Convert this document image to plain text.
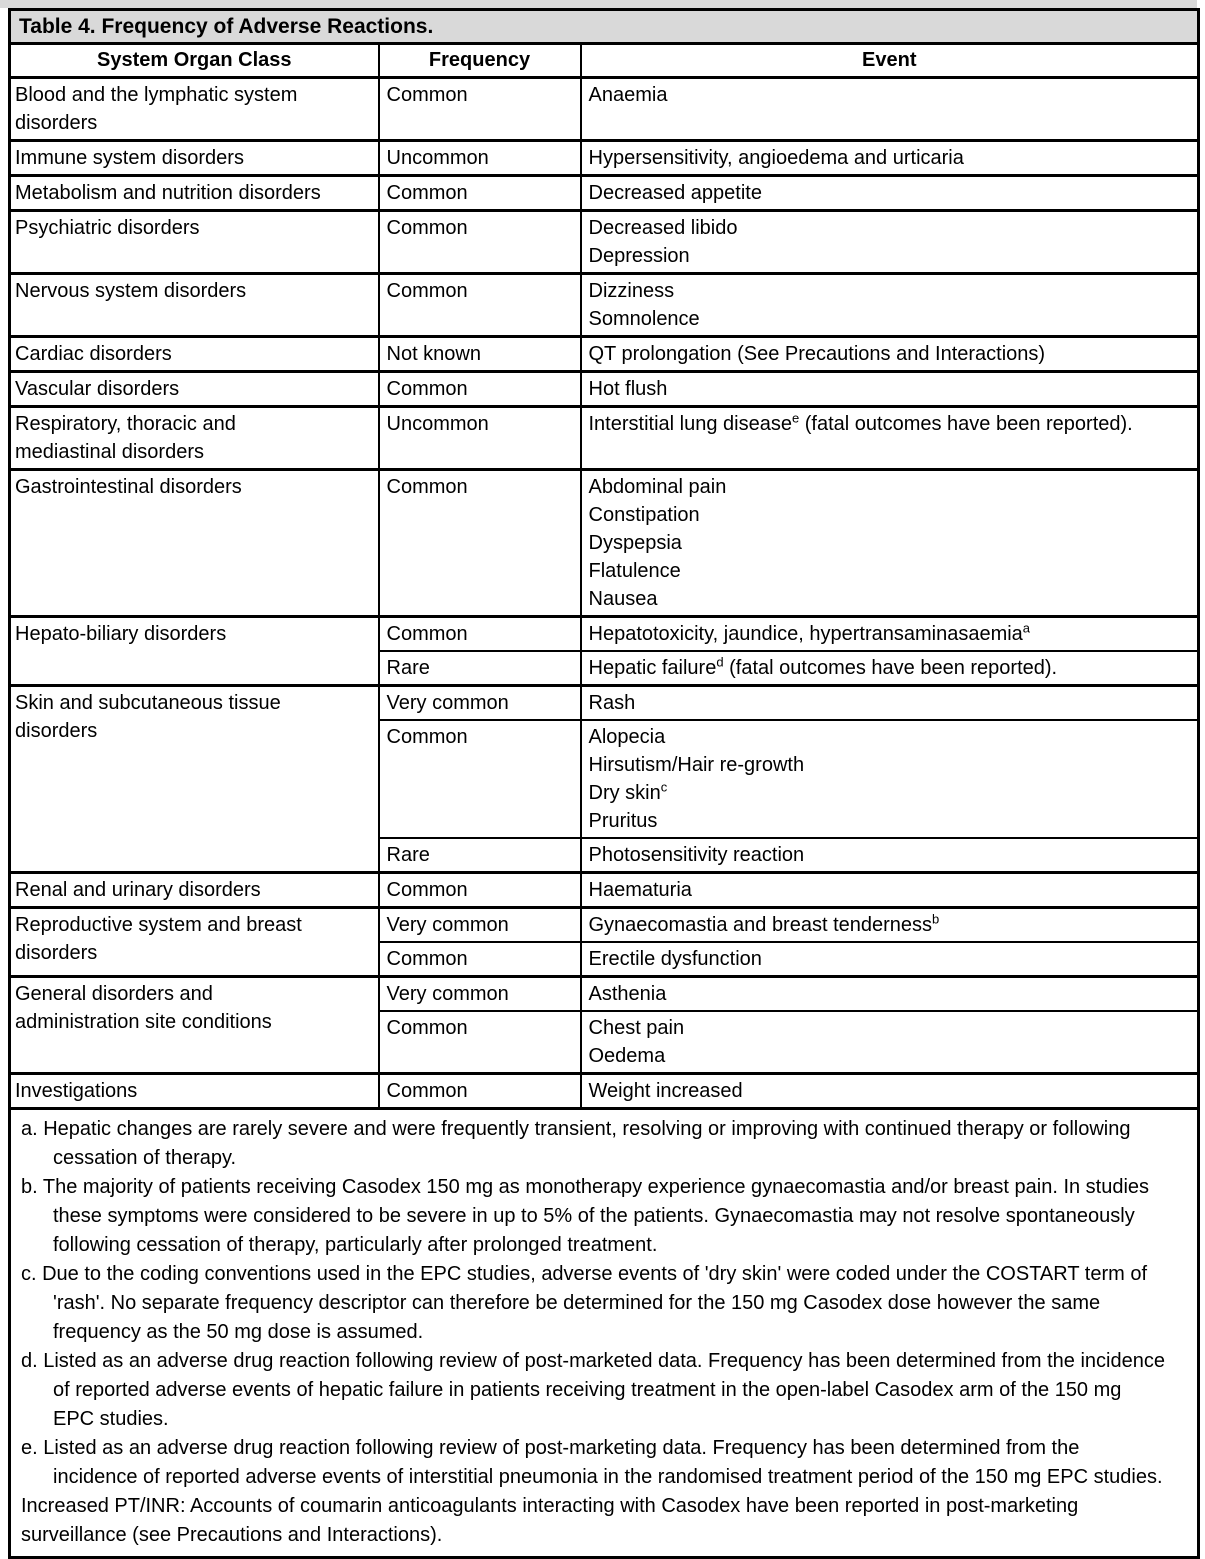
Table 4. Frequency of Adverse Reactions.		
System Organ Class	Frequency	Event

Blood and the lymphatic system
disorders	Common	Anaemia

Immune system disorders	Uncommon	Hypersensitivity, angioedema and urticaria

Metabolism and nutrition disorders	Common	Decreased appetite

Psychiatric disorders	Common	Decreased libido
Depression

Nervous system disorders	Common	Dizziness
Somnolence

Cardiac disorders	Not known	QT prolongation (See Precautions and Interactions)

Vascular disorders	Common	Hot flush

Respiratory, thoracic and
mediastinal disorders	Uncommon	Interstitial lung disease$^e$ (fatal outcomes have been reported).

Gastrointestinal disorders	Common	Abdominal pain
Constipation
Dyspepsia
Flatulence
Nausea

Hepato-biliary disorders	Common	Hepatotoxicity, jaundice, hypertransaminasaemia$^a$

	Rare	Hepatic failure$^d$ (fatal outcomes have been reported).

Skin and subcutaneous tissue
disorders	Very common	Rash

	Common	Alopecia
Hirsutism/Hair re-growth
Dry skin$^c$
Pruritus

	Rare	Photosensitivity reaction

Renal and urinary disorders	Common	Haematuria

Reproductive system and breast
disorders	Very common	Gynaecomastia and breast tenderness$^b$

	Common	Erectile dysfunction

General disorders and
administration site conditions	Very common	Asthenia

	Common	Chest pain
Oedema

Investigations	Common	Weight increased

a. Hepatic changes are rarely severe and were frequently transient, resolving or improving with continued therapy or following cessation of therapy.

b. The majority of patients receiving Casodex 150 mg as monotherapy experience gynaecomastia and/or breast pain. In studies these symptoms were considered to be severe in up to 5% of the patients. Gynaecomastia may not resolve spontaneously following cessation of therapy, particularly after prolonged treatment.

c. Due to the coding conventions used in the EPC studies, adverse events of 'dry skin' were coded under the COSTART term of 'rash'. No separate frequency descriptor can therefore be determined for the 150 mg Casodex dose however the same frequency as the 50 mg dose is assumed.

d. Listed as an adverse drug reaction following review of post-marketed data. Frequency has been determined from the incidence of reported adverse events of hepatic failure in patients receiving treatment in the open-label Casodex arm of the 150 mg EPC studies.

e. Listed as an adverse drug reaction following review of post-marketing data. Frequency has been determined from the incidence of reported adverse events of interstitial pneumonia in the randomised treatment period of the 150 mg EPC studies.

Increased PT/INR: Accounts of coumarin anticoagulants interacting with Casodex have been reported in post-marketing surveillance (see Precautions and Interactions).
